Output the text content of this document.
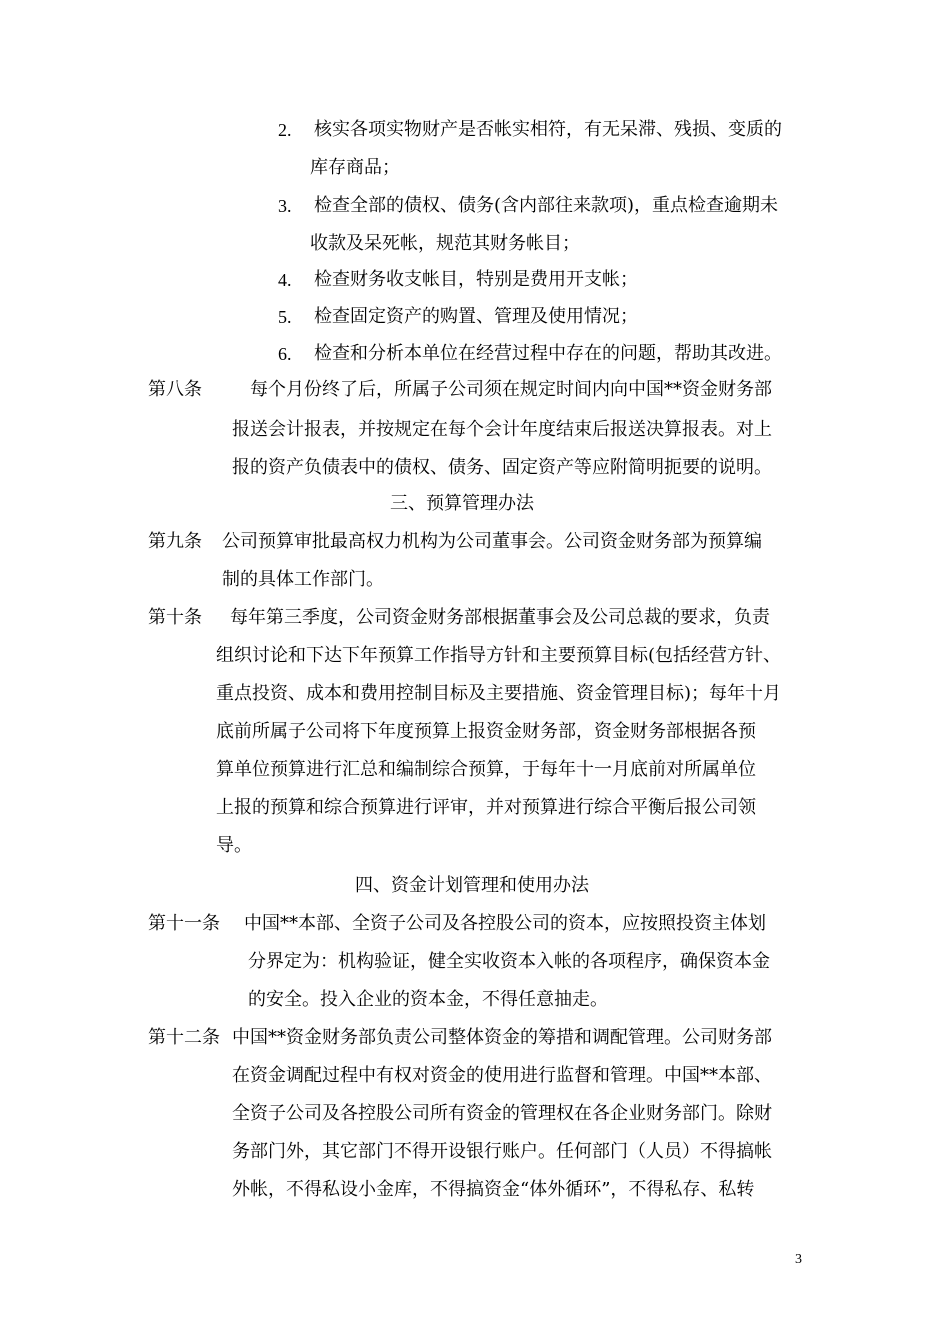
2. 核实各项实物财产是否帐实相符，有无呆滞、残损、变质的
库存商品；
3. 检查全部的债权、债务(含内部往来款项)，重点检查逾期未
收款及呆死帐，规范其财务帐目；
4. 检查财务收支帐目，特别是费用开支帐；
5. 检查固定资产的购置、管理及使用情况；
6. 检查和分析本单位在经营过程中存在的问题，帮助其改进。
第八条	每个月份终了后，所属子公司须在规定时间内向中国**资金财务部
报送会计报表，并按规定在每个会计年度结束后报送决算报表。对上
报的资产负债表中的债权、债务、固定资产等应附简明扼要的说明。
三、预算管理办法
第九条 公司预算审批最高权力机构为公司董事会。公司资金财务部为预算编
制的具体工作部门。
第十条 每年第三季度，公司资金财务部根据董事会及公司总裁的要求，负责
组织讨论和下达下年预算工作指导方针和主要预算目标(包括经营方针、
重点投资、成本和费用控制目标及主要措施、资金管理目标)；每年十月
底前所属子公司将下年度预算上报资金财务部，资金财务部根据各预
算单位预算进行汇总和编制综合预算，于每年十一月底前对所属单位
上报的预算和综合预算进行评审，并对预算进行综合平衡后报公司领
导。
四、资金计划管理和使用办法
第十一条 中国**本部、全资子公司及各控股公司的资本，应按照投资主体划
分界定为：机构验证，健全实收资本入帐的各项程序，确保资本金
的安全。投入企业的资本金，不得任意抽走。
第十二条 中国**资金财务部负责公司整体资金的筹措和调配管理。公司财务部
在资金调配过程中有权对资金的使用进行监督和管理。中国**本部、
全资子公司及各控股公司所有资金的管理权在各企业财务部门。除财
务部门外，其它部门不得开设银行账户。任何部门（人员）不得搞帐
外帐，不得私设小金库，不得搞资金“体外循环”，不得私存、私转
3
